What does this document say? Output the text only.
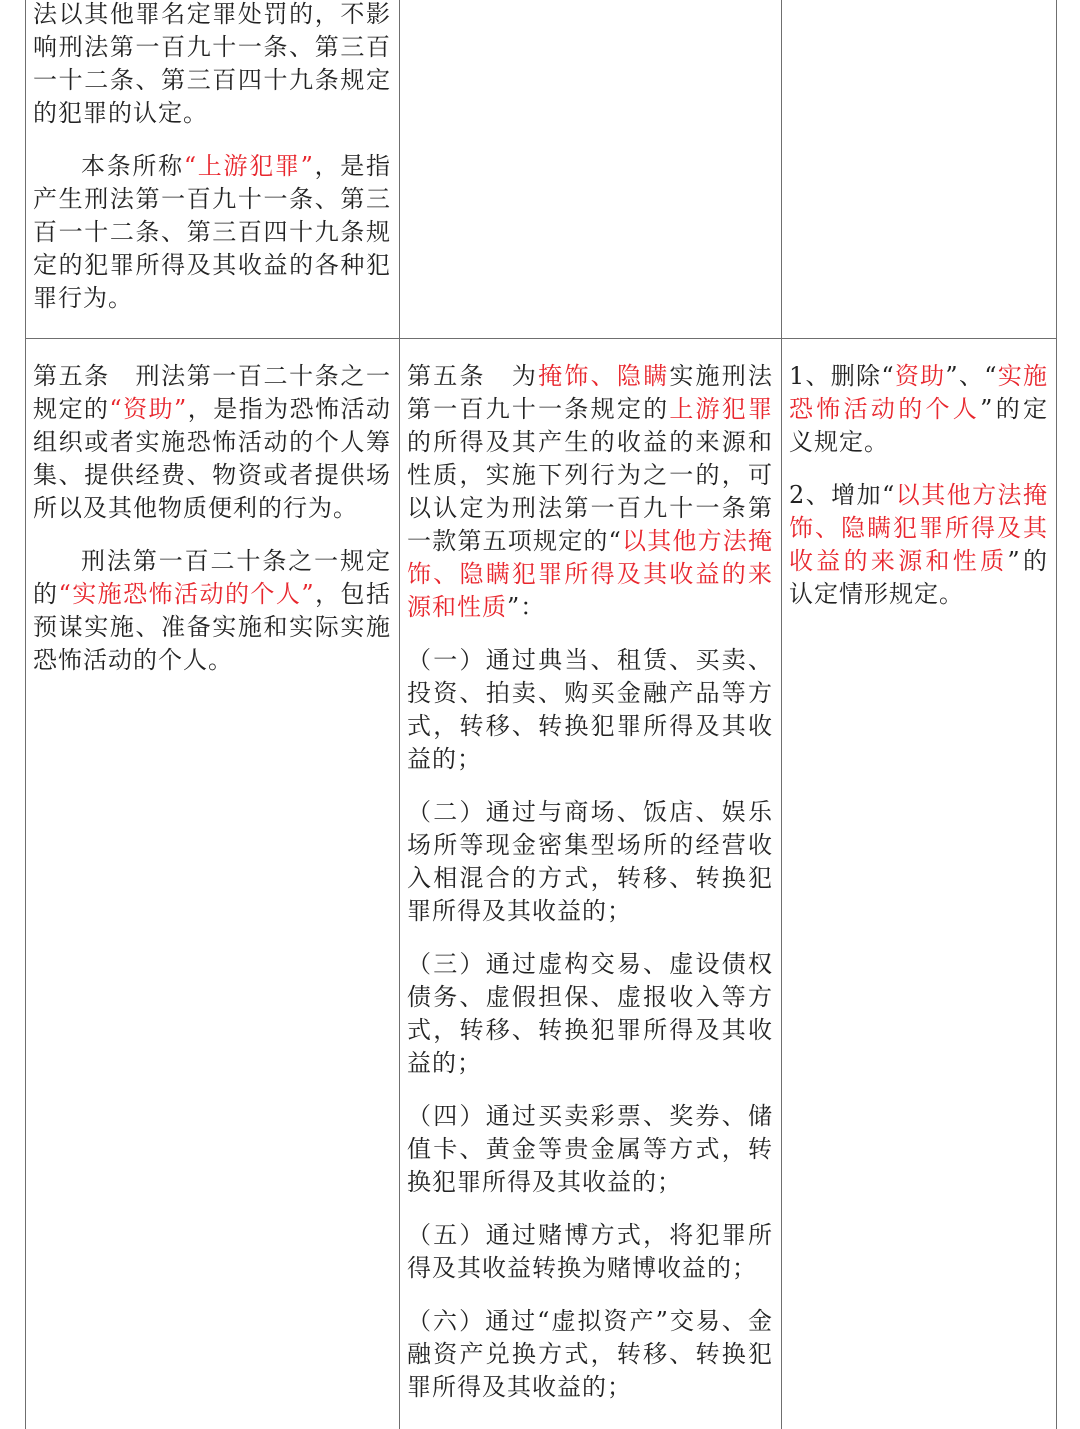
法以其他罪名定罪处罚的，不影响刑法第一百九十一条、第三百一十二条、第三百四十九条规定的犯罪的认定。

本条所称“上游犯罪”，是指产生刑法第一百九十一条、第三百一十二条、第三百四十九条规定的犯罪所得及其收益的各种犯罪行为。

第五条　刑法第一百二十条之一规定的“资助”，是指为恐怖活动组织或者实施恐怖活动的个人筹集、提供经费、物资或者提供场所以及其他物质便利的行为。

刑法第一百二十条之一规定的“实施恐怖活动的个人”，包括预谋实施、准备实施和实际实施恐怖活动的个人。

第五条　为掩饰、隐瞒实施刑法第一百九十一条规定的上游犯罪的所得及其产生的收益的来源和性质，实施下列行为之一的，可以认定为刑法第一百九十一条第一款第五项规定的“以其他方法掩饰、隐瞒犯罪所得及其收益的来源和性质”：

（一）通过典当、租赁、买卖、投资、拍卖、购买金融产品等方式，转移、转换犯罪所得及其收益的；

（二）通过与商场、饭店、娱乐场所等现金密集型场所的经营收入相混合的方式，转移、转换犯罪所得及其收益的；

（三）通过虚构交易、虚设债权债务、虚假担保、虚报收入等方式，转移、转换犯罪所得及其收益的；

（四）通过买卖彩票、奖券、储值卡、黄金等贵金属等方式，转换犯罪所得及其收益的；

（五）通过赌博方式，将犯罪所得及其收益转换为赌博收益的；

（六）通过“虚拟资产”交易、金融资产兑换方式，转移、转换犯罪所得及其收益的；

1、删除“资助”、“实施恐怖活动的个人”的定义规定。

2、增加“以其他方法掩饰、隐瞒犯罪所得及其收益的来源和性质”的认定情形规定。
